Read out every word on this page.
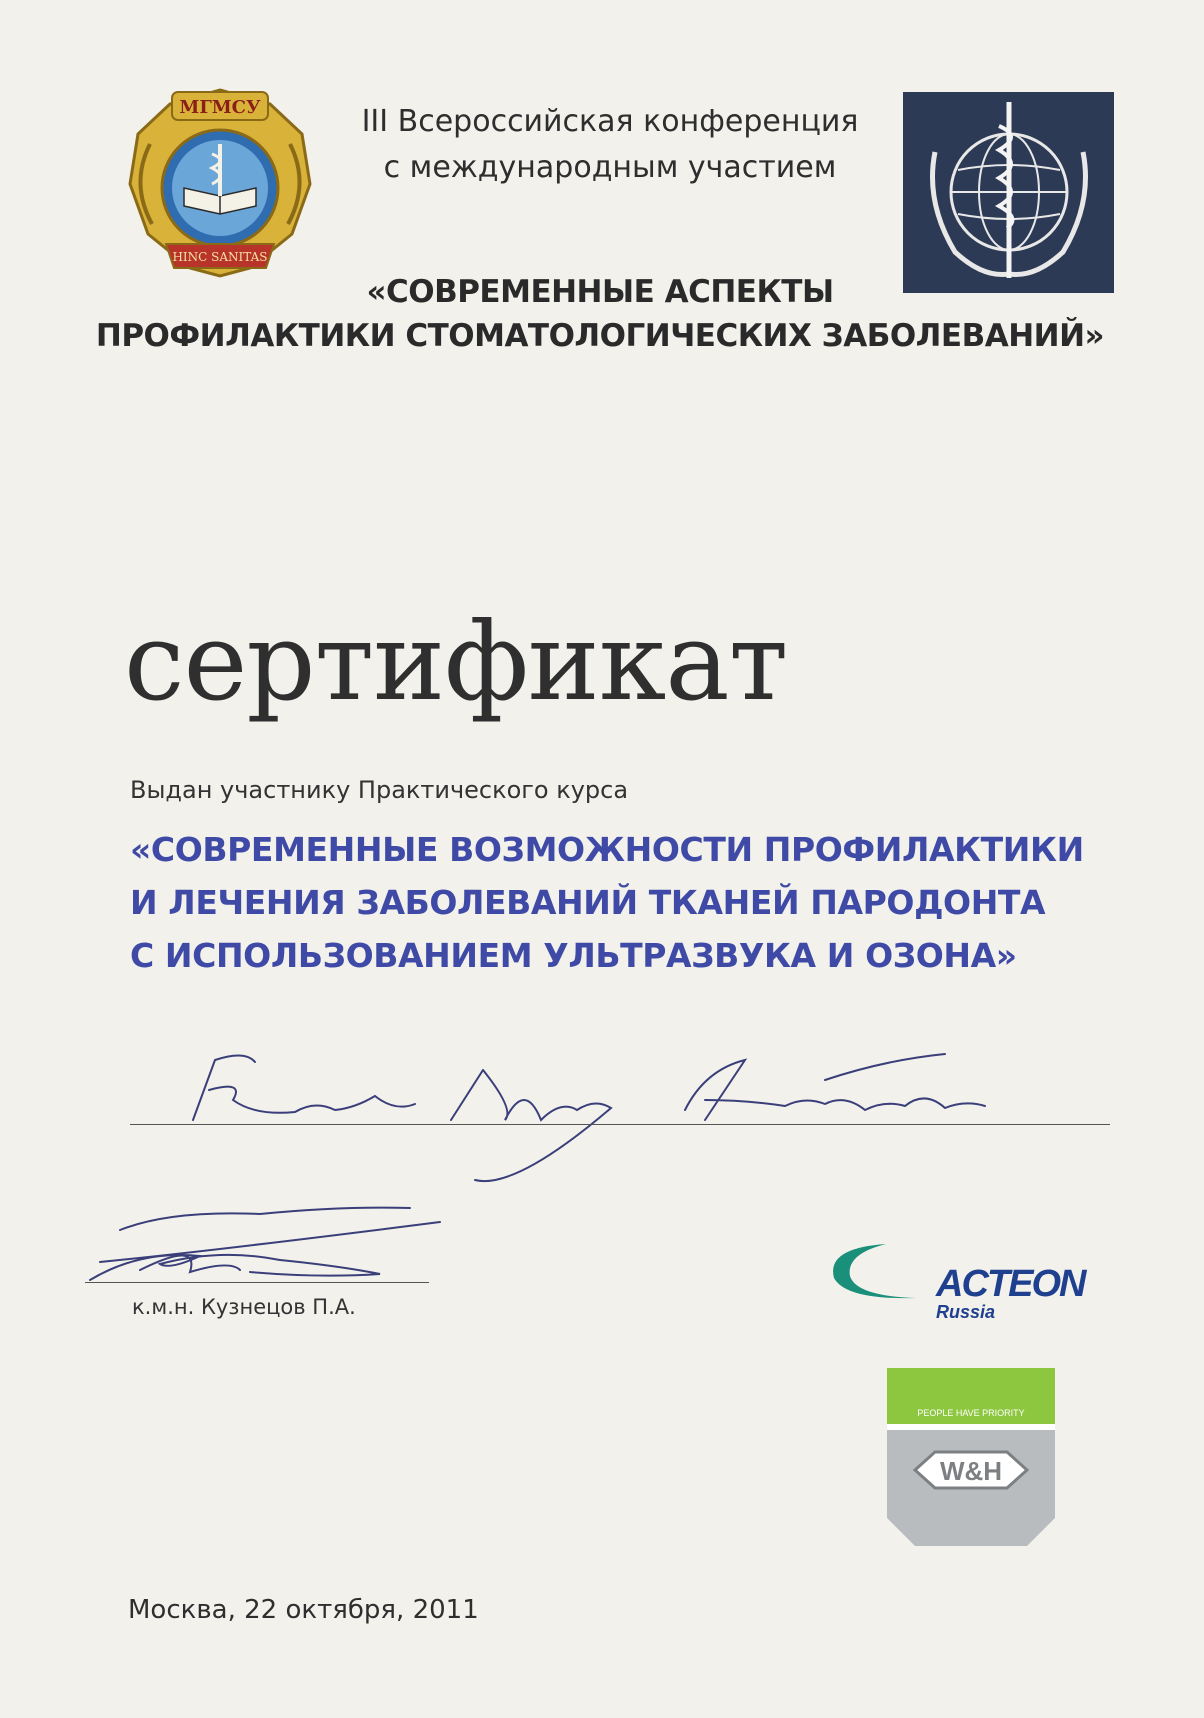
МГМСУ
HINC SANITAS
III Всероссийская конференция
с международным участием
«СОВРЕМЕННЫЕ АСПЕКТЫ
ПРОФИЛАКТИКИ СТОМАТОЛОГИЧЕСКИХ ЗАБОЛЕВАНИЙ»
сертификат
Выдан участнику Практического курса
«СОВРЕМЕННЫЕ ВОЗМОЖНОСТИ ПРОФИЛАКТИКИ
И ЛЕЧЕНИЯ ЗАБОЛЕВАНИЙ ТКАНЕЙ ПАРОДОНТА
С ИСПОЛЬЗОВАНИЕМ УЛЬТРАЗВУКА И ОЗОНА»
к.м.н. Кузнецов П.А.
ACTEON
Russia
PEOPLE HAVE PRIORITY
W&H
Москва, 22 октября, 2011
